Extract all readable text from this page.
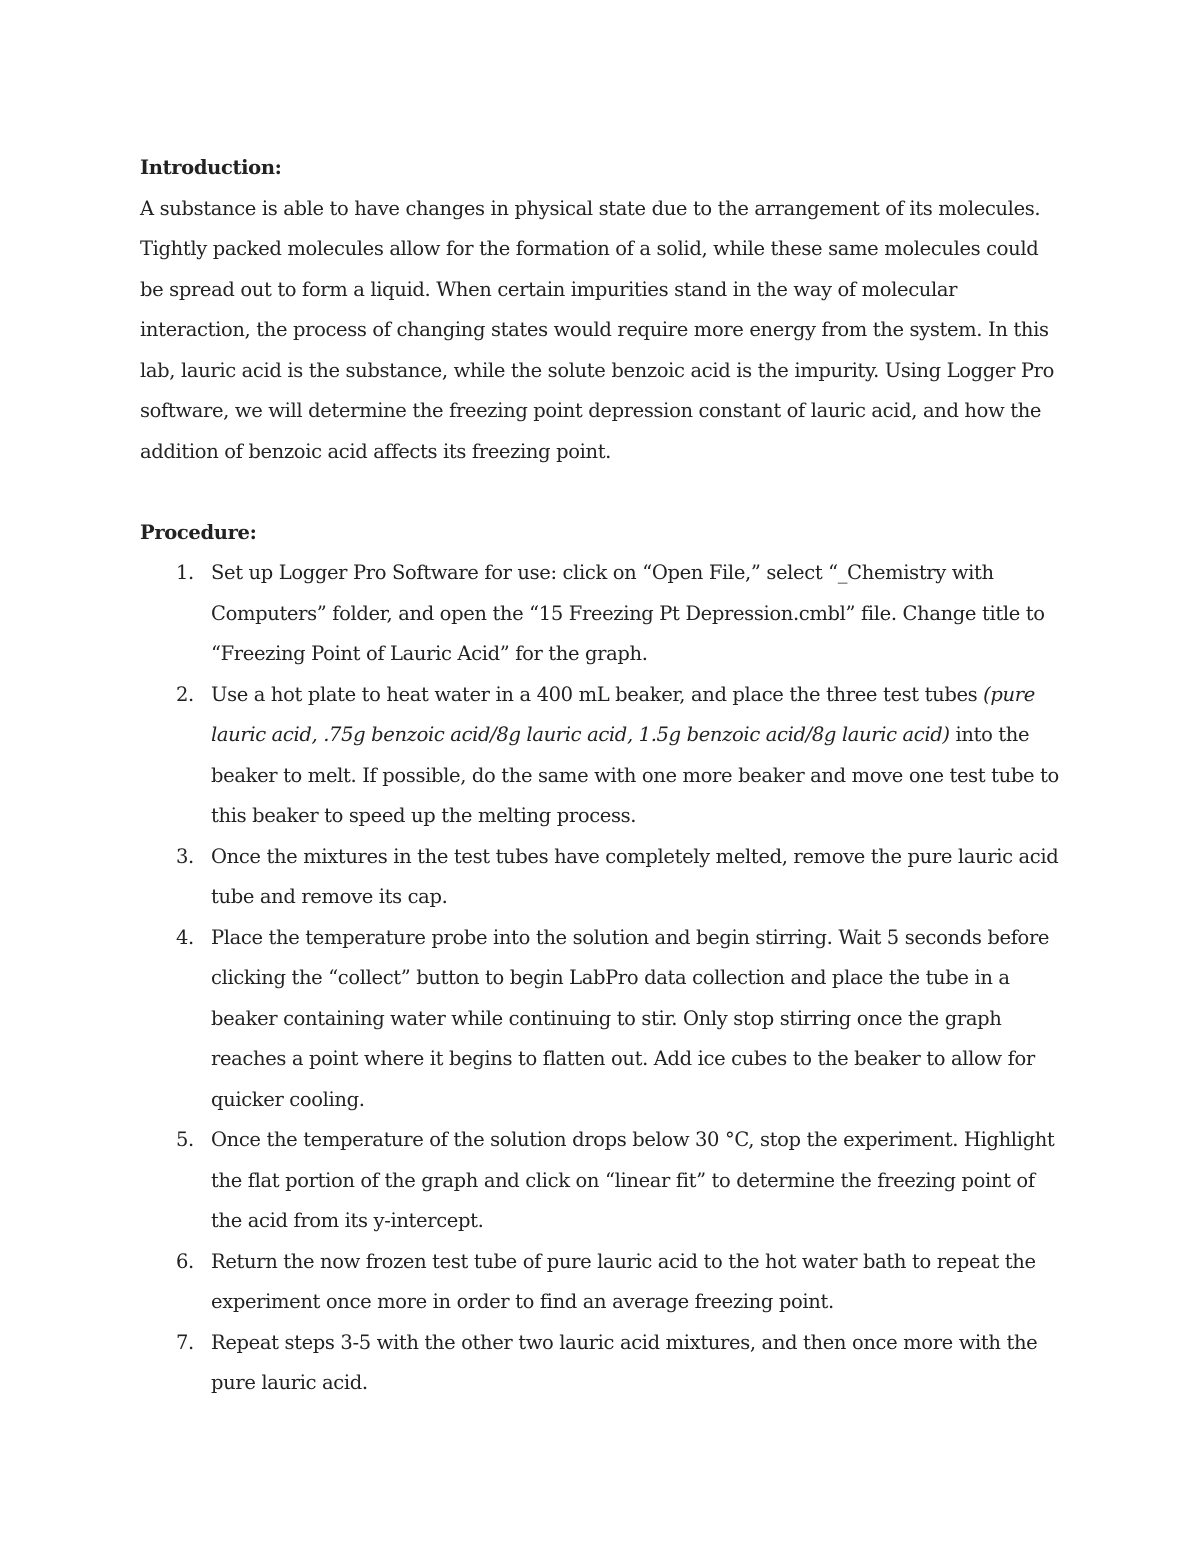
Introduction:

A substance is able to have changes in physical state due to the arrangement of its molecules. Tightly packed molecules allow for the formation of a solid, while these same molecules could be spread out to form a liquid. When certain impurities stand in the way of molecular interaction, the process of changing states would require more energy from the system. In this lab, lauric acid is the substance, while the solute benzoic acid is the impurity. Using Logger Pro software, we will determine the freezing point depression constant of lauric acid, and how the addition of benzoic acid affects its freezing point.

Procedure:
1. Set up Logger Pro Software for use: click on “Open File,” select “_Chemistry with Computers” folder, and open the “15 Freezing Pt Depression.cmbl” file. Change title to “Freezing Point of Lauric Acid” for the graph.
2. Use a hot plate to heat water in a 400 mL beaker, and place the three test tubes (pure lauric acid, .75g benzoic acid/8g lauric acid, 1.5g benzoic acid/8g lauric acid) into the beaker to melt. If possible, do the same with one more beaker and move one test tube to this beaker to speed up the melting process.
3. Once the mixtures in the test tubes have completely melted, remove the pure lauric acid tube and remove its cap.
4. Place the temperature probe into the solution and begin stirring. Wait 5 seconds before clicking the “collect” button to begin LabPro data collection and place the tube in a beaker containing water while continuing to stir. Only stop stirring once the graph reaches a point where it begins to flatten out. Add ice cubes to the beaker to allow for quicker cooling.
5. Once the temperature of the solution drops below 30 °C, stop the experiment. Highlight the flat portion of the graph and click on “linear fit” to determine the freezing point of the acid from its y-intercept.
6. Return the now frozen test tube of pure lauric acid to the hot water bath to repeat the experiment once more in order to find an average freezing point.
7. Repeat steps 3-5 with the other two lauric acid mixtures, and then once more with the pure lauric acid.
